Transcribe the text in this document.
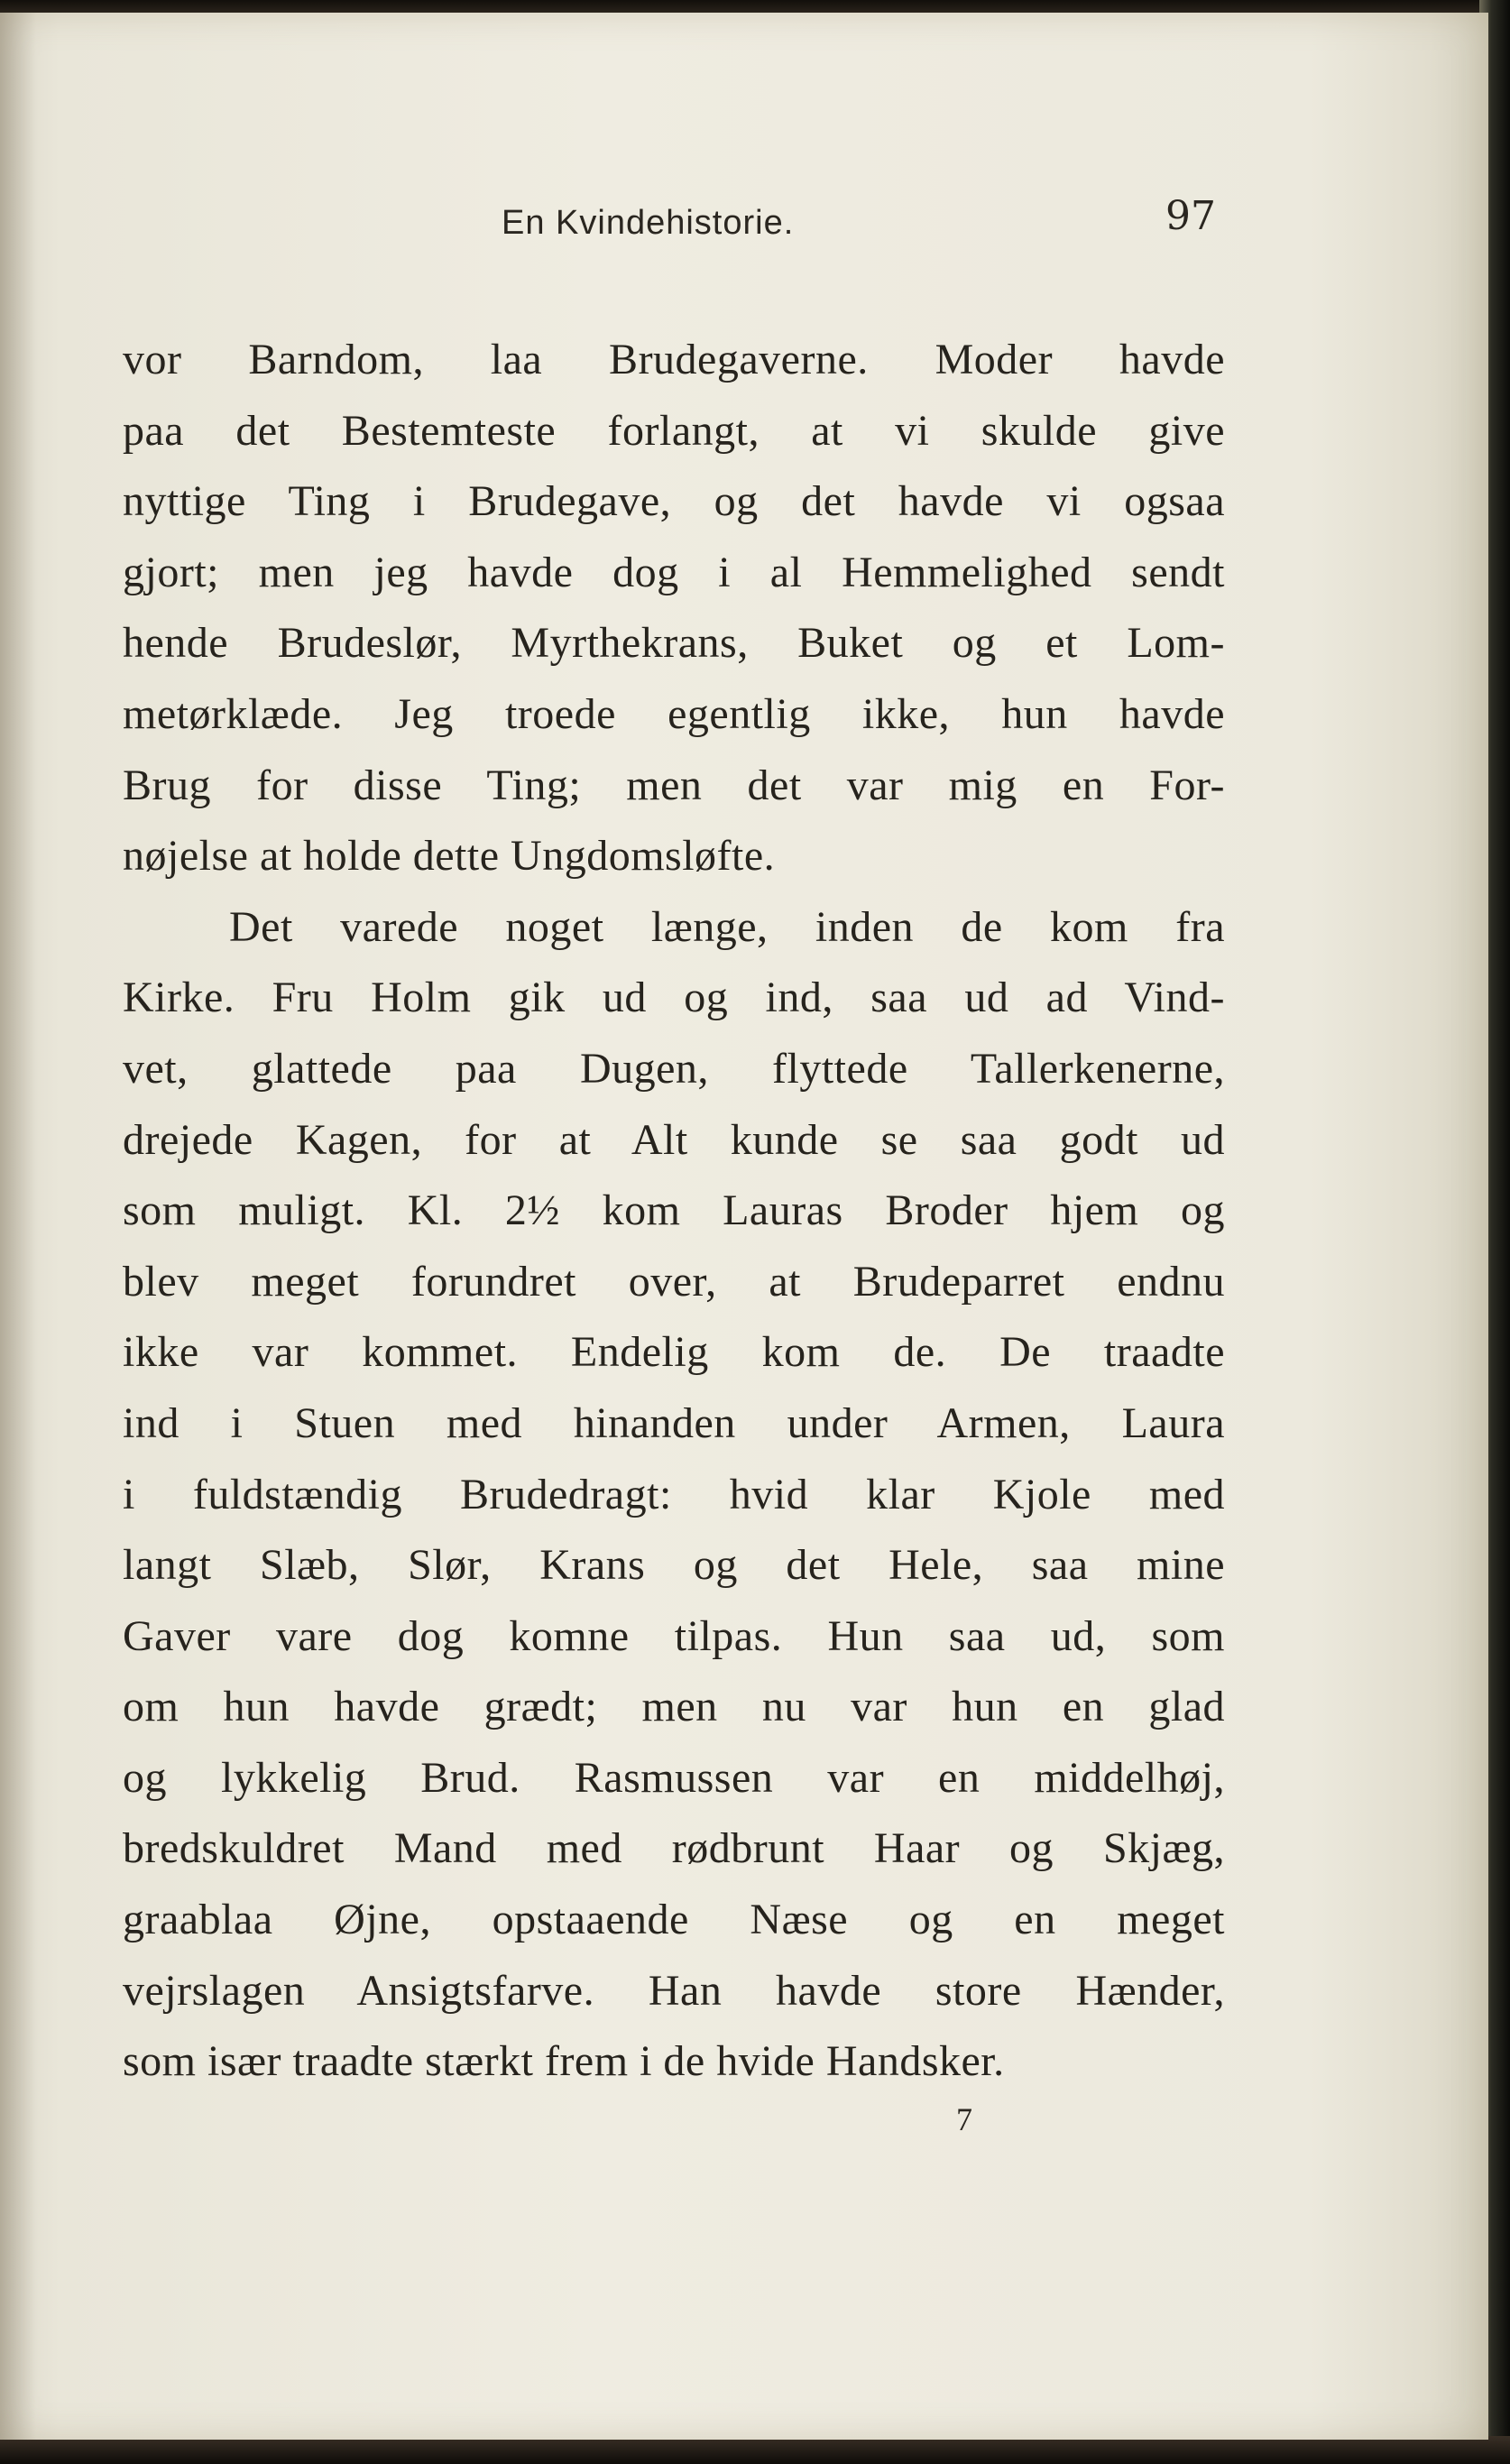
En Kvindehistorie.	97
vor Barndom, laa Brudegaverne. Moder havde
paa det Bestemteste forlangt, at vi skulde give
nyttige Ting i Brudegave, og det havde vi ogsaa
gjort; men jeg havde dog i al Hemmelighed sendt
hende Brudeslør, Myrthekrans, Buket og et Lom-
metørklæde. Jeg troede egentlig ikke, hun havde
Brug for disse Ting; men det var mig en For-
nøjelse at holde dette Ungdomsløfte.
Det varede noget længe, inden de kom fra
Kirke. Fru Holm gik ud og ind, saa ud ad Vind-
vet, glattede paa Dugen, flyttede Tallerkenerne,
drejede Kagen, for at Alt kunde se saa godt ud
som muligt. Kl. 2½ kom Lauras Broder hjem og
blev meget forundret over, at Brudeparret endnu
ikke var kommet. Endelig kom de. De traadte
ind i Stuen med hinanden under Armen, Laura
i fuldstændig Brudedragt: hvid klar Kjole med
langt Slæb, Slør, Krans og det Hele, saa mine
Gaver vare dog komne tilpas. Hun saa ud, som
om hun havde grædt; men nu var hun en glad
og lykkelig Brud. Rasmussen var en middelhøj,
bredskuldret Mand med rødbrunt Haar og Skjæg,
graablaa Øjne, opstaaende Næse og en meget
vejrslagen Ansigtsfarve. Han havde store Hænder,
som især traadte stærkt frem i de hvide Handsker.
7
